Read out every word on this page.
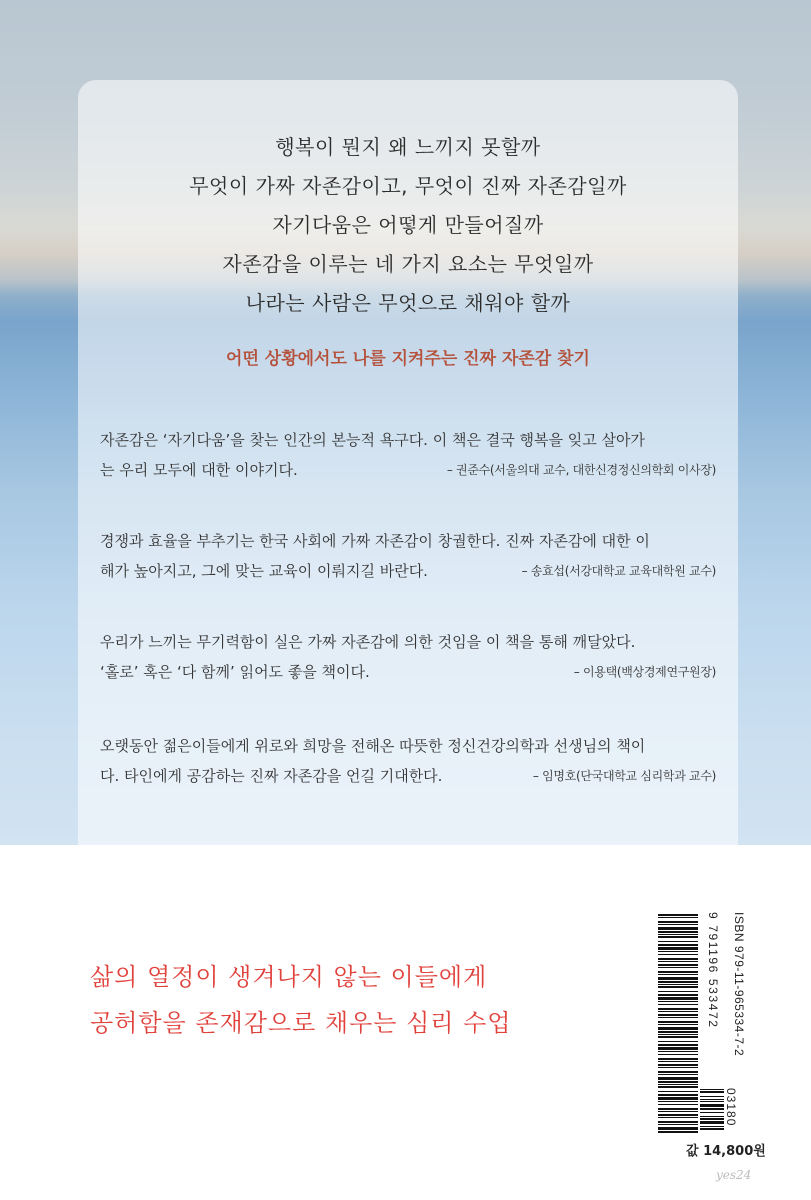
행복이 뭔지 왜 느끼지 못할까
무엇이 가짜 자존감이고, 무엇이 진짜 자존감일까
자기다움은 어떻게 만들어질까
자존감을 이루는 네 가지 요소는 무엇일까
나라는 사람은 무엇으로 채워야 할까
어떤 상황에서도 나를 지켜주는 진짜 자존감 찾기
자존감은 ‘자기다움’을 찾는 인간의 본능적 욕구다. 이 책은 결국 행복을 잊고 살아가
는 우리 모두에 대한 이야기다.	– 권준수(서울의대 교수, 대한신경정신의학회 이사장)
경쟁과 효율을 부추기는 한국 사회에 가짜 자존감이 창궐한다. 진짜 자존감에 대한 이
해가 높아지고, 그에 맞는 교육이 이뤄지길 바란다.	– 송효섭(서강대학교 교육대학원 교수)
우리가 느끼는 무기력함이 실은 가짜 자존감에 의한 것임을 이 책을 통해 깨달았다.
‘홀로’ 혹은 ‘다 함께’ 읽어도 좋을 책이다.	– 이용택(백상경제연구원장)
오랫동안 젊은이들에게 위로와 희망을 전해온 따뜻한 정신건강의학과 선생님의 책이
다. 타인에게 공감하는 진짜 자존감을 언길 기대한다.	– 임명호(단국대학교 심리학과 교수)
삶의 열정이 생겨나지 않는 이들에게
공허함을 존재감으로 채우는 심리 수업	9 791196 533472	ISBN 979-11-965334-7-2
값 14,800원
yes24
03180
